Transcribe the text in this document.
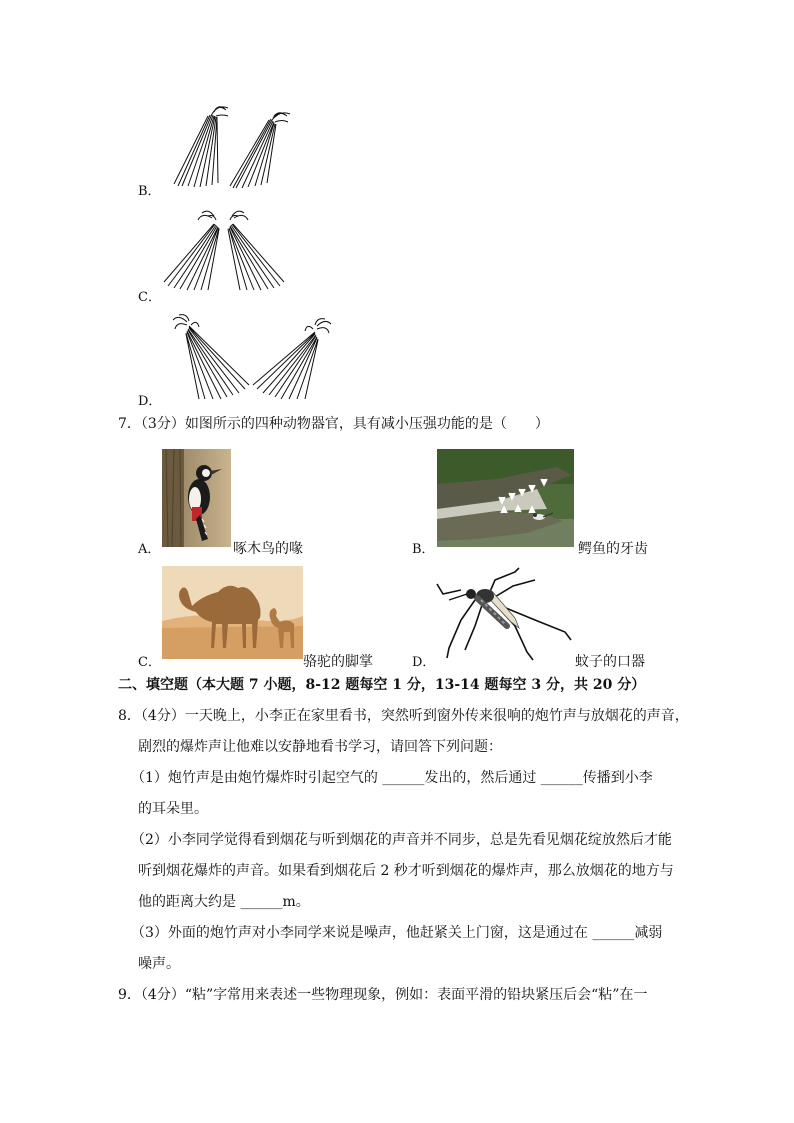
B．
C．
D．
7．（3分）如图所示的四种动物器官，具有减小压强功能的是（　　）
A．	啄木鸟的喙	B．	鳄鱼的牙齿
C．	骆驼的脚掌	D．	蚊子的口器
二、填空题（本大题 7 小题，8-12 题每空 1 分，13-14 题每空 3 分，共 20 分）
8．（4分）一天晚上，小李正在家里看书，突然听到窗外传来很响的炮竹声与放烟花的声音，
剧烈的爆炸声让他难以安静地看书学习，请回答下列问题：
（1）炮竹声是由炮竹爆炸时引起空气的 ______发出的，然后通过 ______传播到小李
的耳朵里。
（2）小李同学觉得看到烟花与听到烟花的声音并不同步，总是先看见烟花绽放然后才能
听到烟花爆炸的声音。如果看到烟花后 2 秒才听到烟花的爆炸声，那么放烟花的地方与
他的距离大约是 ______m。
（3）外面的炮竹声对小李同学来说是噪声，他赶紧关上门窗，这是通过在 ______减弱
噪声。
9．（4分）“粘”字常用来表述一些物理现象，例如：表面平滑的铅块紧压后会“粘”在一
